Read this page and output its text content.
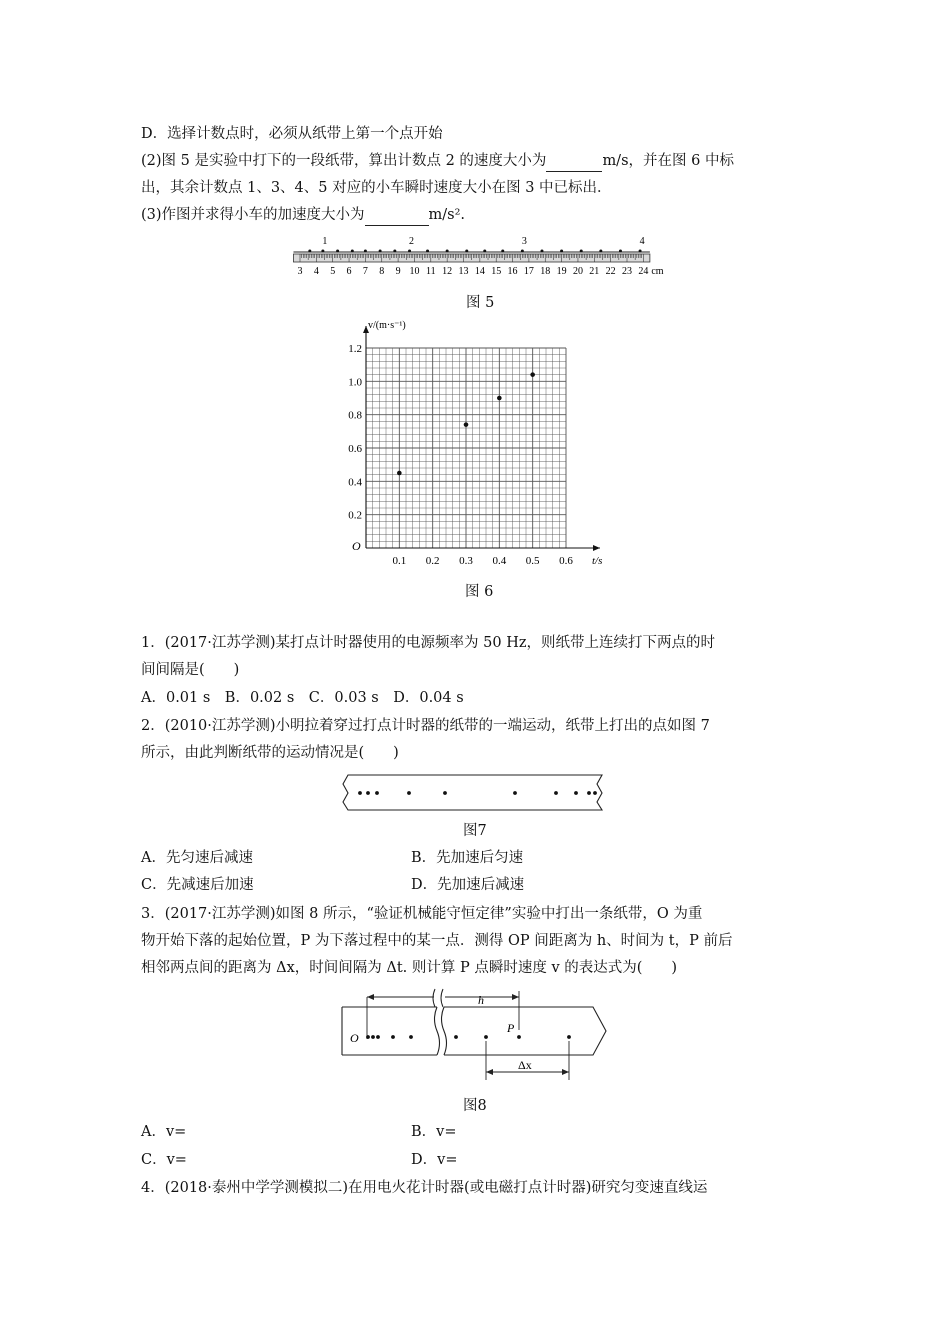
D．选择计数点时，必须从纸带上第一个点开始
(2)图 5 是实验中打下的一段纸带，算出计数点 2 的速度大小为	m/s，并在图 6 中标
出，其余计数点 1、3、4、5 对应的小车瞬时速度大小在图 3 中已标出．
(3)作图并求得小车的加速度大小为	m/s².
3 4 5 6 7 8 9 10 11 12 13 14 15 16 17 18 19 20 21 22 23 24 cm
1	2	3	4
图 5
0.1 0.2 0.3 0.4 0.5 0.6
0.2
0.4
0.6
0.8
1.0
1.2
O
t/s
v/(m·s⁻¹)
图 6
1．(2017·江苏学测)某打点计时器使用的电源频率为 50 Hz，则纸带上连续打下两点的时
间间隔是(　　)
A．0.01 s　B．0.02 s　C．0.03 s　D．0.04 s
2．(2010·江苏学测)小明拉着穿过打点计时器的纸带的一端运动，纸带上打出的点如图 7
所示，由此判断纸带的运动情况是(　　)
图7
A．先匀速后减速	B．先加速后匀速
C．先减速后加速	D．先加速后减速
3．(2017·江苏学测)如图 8 所示，“验证机械能守恒定律”实验中打出一条纸带，O 为重
物开始下落的起始位置，P 为下落过程中的某一点．测得 OP 间距离为 h、时间为 t，P 前后
相邻两点间的距离为 Δx，时间间隔为 Δt. 则计算 P 点瞬时速度 v 的表达式为(　　)
h
O
P
Δx
图8
A．v=	B．v=
C．v=	D．v=
4．(2018·泰州中学学测模拟二)在用电火花计时器(或电磁打点计时器)研究匀变速直线运
